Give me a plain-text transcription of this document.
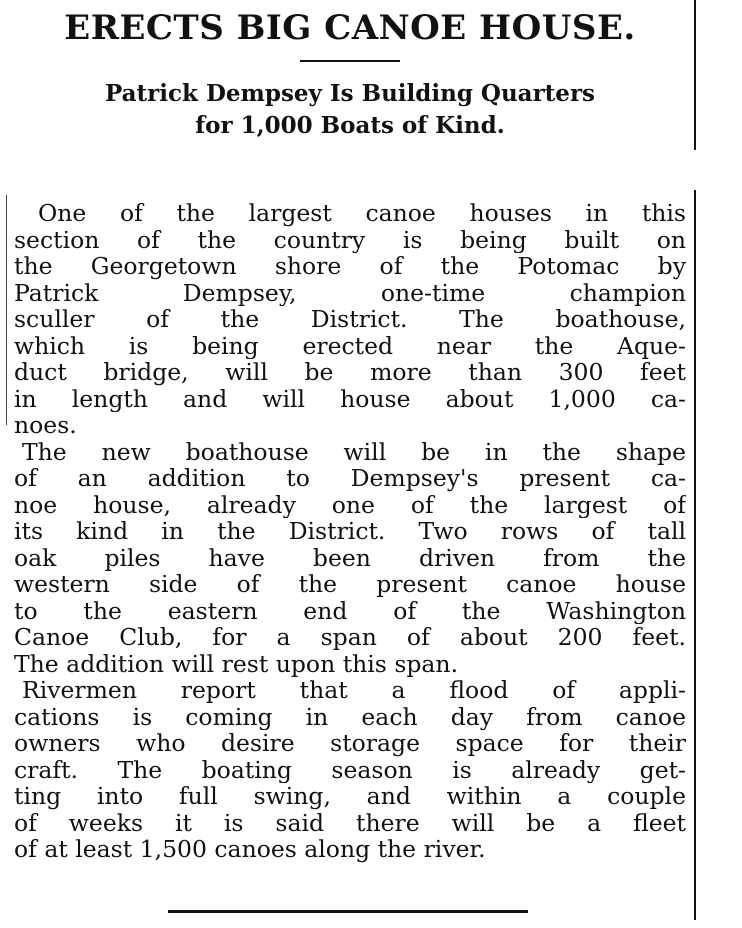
ERECTS BIG CANOE HOUSE.
Patrick Dempsey Is Building Quarters
for 1,000 Boats of Kind.
One of the largest canoe houses in this
section of the country is being built on
the Georgetown shore of the Potomac by
Patrick Dempsey, one-time champion
sculler of the District. The boathouse,
which is being erected near the Aque-
duct bridge, will be more than 300 feet
in length and will house about 1,000 ca-
noes.
The new boathouse will be in the shape
of an addition to Dempsey's present ca-
noe house, already one of the largest of
its kind in the District. Two rows of tall
oak piles have been driven from the
western side of the present canoe house
to the eastern end of the Washington
Canoe Club, for a span of about 200 feet.
The addition will rest upon this span.
Rivermen report that a flood of appli-
cations is coming in each day from canoe
owners who desire storage space for their
craft. The boating season is already get-
ting into full swing, and within a couple
of weeks it is said there will be a fleet
of at least 1,500 canoes along the river.
